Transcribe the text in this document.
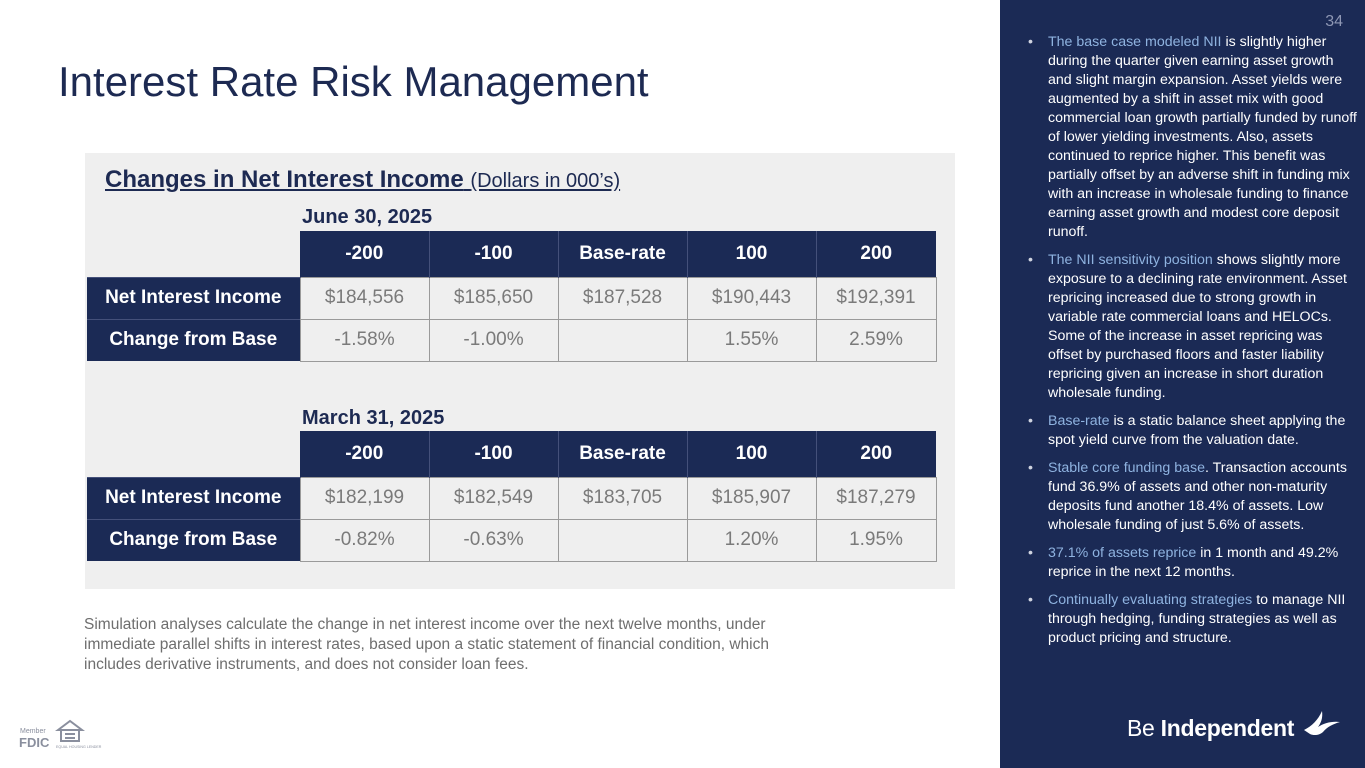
Interest Rate Risk Management
Changes in Net Interest Income (Dollars in 000’s)
June 30, 2025
	-200	-100	Base-rate	100	200
Net Interest Income	$184,556	$185,650	$187,528	$190,443	$192,391
Change from Base	-1.58%	-1.00%		1.55%	2.59%
March 31, 2025
	-200	-100	Base-rate	100	200
Net Interest Income	$182,199	$182,549	$183,705	$185,907	$187,279
Change from Base	-0.82%	-0.63%		1.20%	1.95%
Simulation analyses calculate the change in net interest income over the next twelve months, under immediate parallel shifts in interest rates, based upon a static statement of financial condition, which includes derivative instruments, and does not consider loan fees.
Member
FDIC EQUAL HOUSING LENDER
34
• The base case modeled NII is slightly higher during the quarter given earning asset growth and slight margin expansion. Asset yields were augmented by a shift in asset mix with good commercial loan growth partially funded by runoff of lower yielding investments. Also, assets continued to reprice higher. This benefit was partially offset by an adverse shift in funding mix with an increase in wholesale funding to finance earning asset growth and modest core deposit runoff.
• The NII sensitivity position shows slightly more exposure to a declining rate environment. Asset repricing increased due to strong growth in variable rate commercial loans and HELOCs. Some of the increase in asset repricing was offset by purchased floors and faster liability repricing given an increase in short duration wholesale funding.
• Base-rate is a static balance sheet applying the spot yield curve from the valuation date.
• Stable core funding base. Transaction accounts fund 36.9% of assets and other non-maturity deposits fund another 18.4% of assets. Low wholesale funding of just 5.6% of assets.
• 37.1% of assets reprice in 1 month and 49.2% reprice in the next 12 months.
• Continually evaluating strategies to manage NII through hedging, funding strategies as well as product pricing and structure.
Be Independent
